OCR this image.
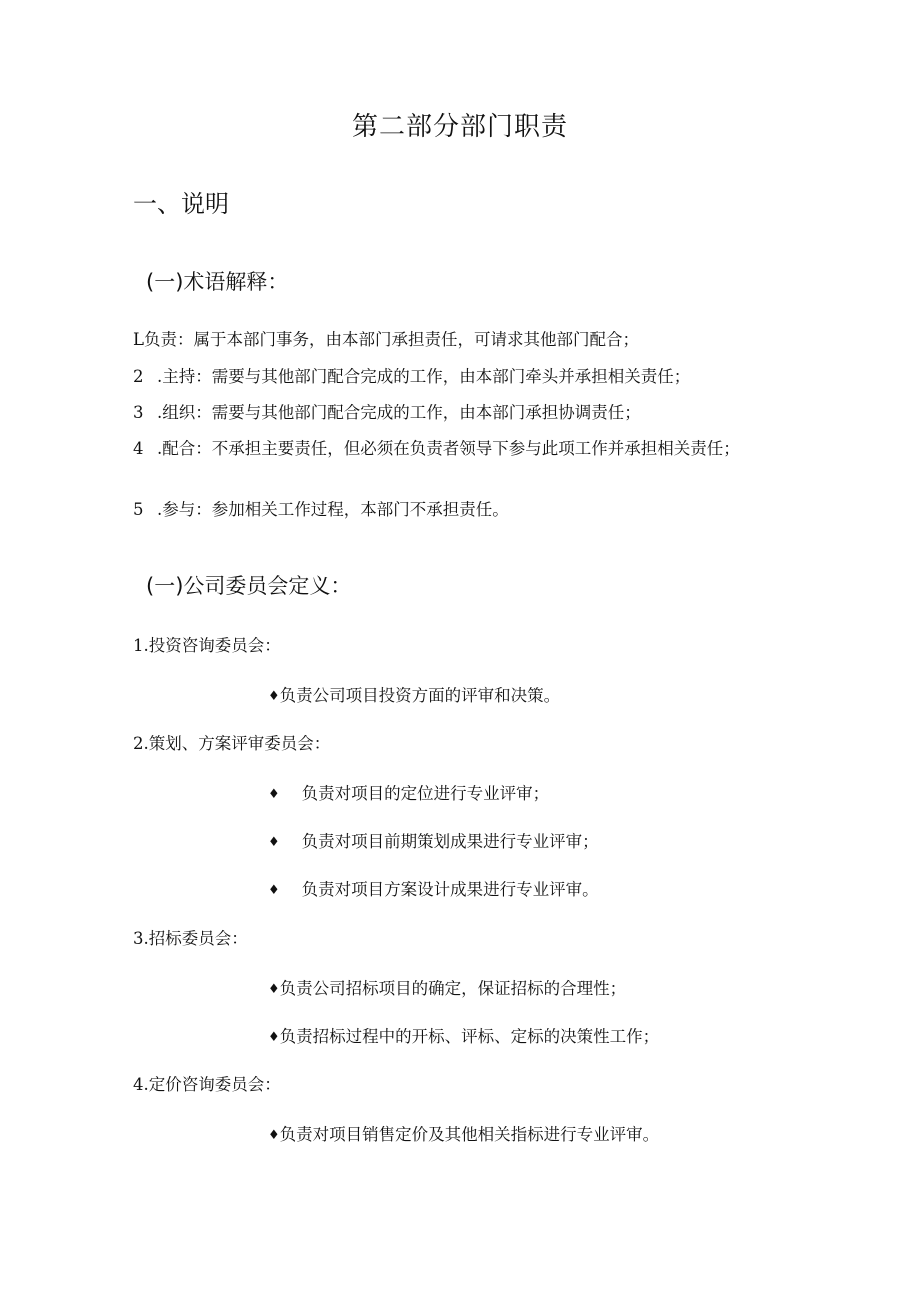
第二部分部门职责
一、说明
(一)术语解释：
L负责：属于本部门事务，由本部门承担责任，可请求其他部门配合；
2 .主持：需要与其他部门配合完成的工作，由本部门牵头并承担相关责任；
3 .组织：需要与其他部门配合完成的工作，由本部门承担协调责任；
4 .配合：不承担主要责任，但必须在负责者领导下参与此项工作并承担相关责任；
5 .参与：参加相关工作过程，本部门不承担责任。
(一)公司委员会定义：
1.投资咨询委员会：
♦负责公司项目投资方面的评审和决策。
2.策划、方案评审委员会：
♦ 负责对项目的定位进行专业评审；
♦ 负责对项目前期策划成果进行专业评审；
♦ 负责对项目方案设计成果进行专业评审。
3.招标委员会：
♦负责公司招标项目的确定，保证招标的合理性；
♦负责招标过程中的开标、评标、定标的决策性工作；
4.定价咨询委员会：
♦负责对项目销售定价及其他相关指标进行专业评审。
